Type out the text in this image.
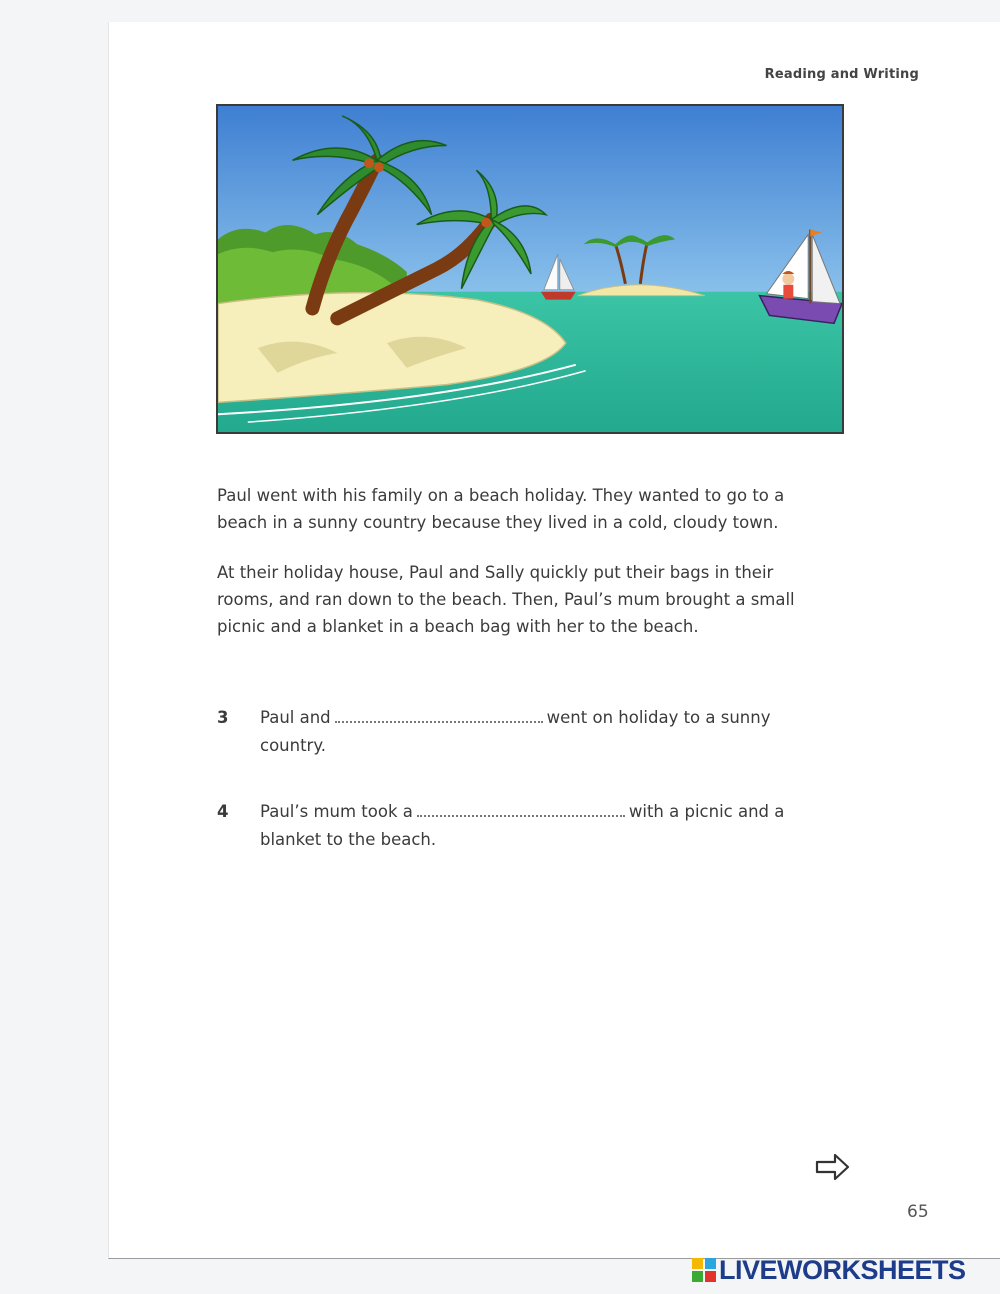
Reading and Writing

Paul went with his family on a beach holiday. They wanted to go to a beach in a sunny country because they lived in a cold, cloudy town.

At their holiday house, Paul and Sally quickly put their bags in their rooms, and ran down to the beach. Then, Paul’s mum brought a small picnic and a blanket in a beach bag with her to the beach.

3 Paul and	went on holiday to a sunny country.
4 Paul’s mum took a	with a picnic and a blanket to the beach.
65
LIVEWORKSHEETS
